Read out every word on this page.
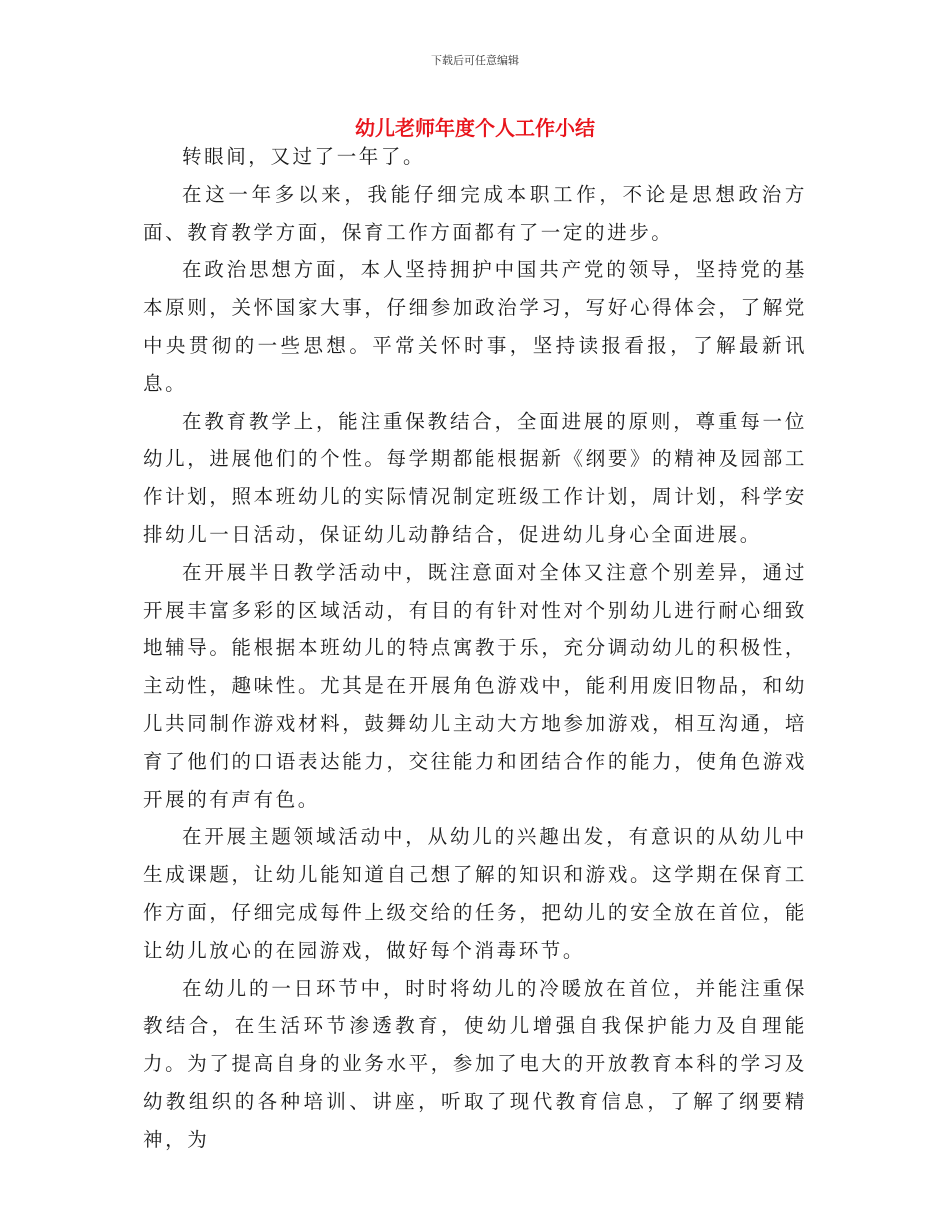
下载后可任意编辑
幼儿老师年度个人工作小结

转眼间，又过了一年了。

在这一年多以来，我能仔细完成本职工作，不论是思想政治方面、教育教学方面，保育工作方面都有了一定的进步。

在政治思想方面，本人坚持拥护中国共产党的领导，坚持党的基本原则，关怀国家大事，仔细参加政治学习，写好心得体会，了解党中央贯彻的一些思想。平常关怀时事，坚持读报看报，了解最新讯息。

在教育教学上，能注重保教结合，全面进展的原则，尊重每一位幼儿，进展他们的个性。每学期都能根据新《纲要》的精神及园部工作计划，照本班幼儿的实际情况制定班级工作计划，周计划，科学安排幼儿一日活动，保证幼儿动静结合，促进幼儿身心全面进展。

在开展半日教学活动中，既注意面对全体又注意个别差异，通过开展丰富多彩的区域活动，有目的有针对性对个别幼儿进行耐心细致地辅导。能根据本班幼儿的特点寓教于乐，充分调动幼儿的积极性，主动性，趣味性。尤其是在开展角色游戏中，能利用废旧物品，和幼儿共同制作游戏材料，鼓舞幼儿主动大方地参加游戏，相互沟通，培育了他们的口语表达能力，交往能力和团结合作的能力，使角色游戏开展的有声有色。

在开展主题领域活动中，从幼儿的兴趣出发，有意识的从幼儿中生成课题，让幼儿能知道自己想了解的知识和游戏。这学期在保育工作方面，仔细完成每件上级交给的任务，把幼儿的安全放在首位，能让幼儿放心的在园游戏，做好每个消毒环节。

在幼儿的一日环节中，时时将幼儿的冷暖放在首位，并能注重保教结合，在生活环节渗透教育，使幼儿增强自我保护能力及自理能力。为了提高自身的业务水平，参加了电大的开放教育本科的学习及幼教组织的各种培训、讲座，听取了现代教育信息，了解了纲要精神，为
